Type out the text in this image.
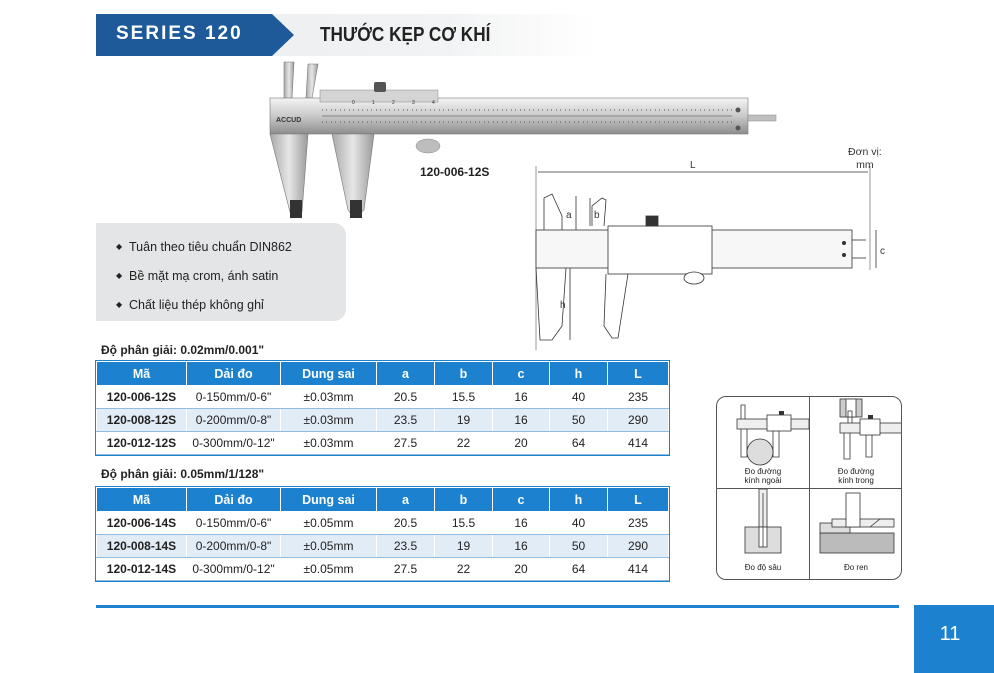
SERIES 120	THƯỚC KẸP CƠ KHÍ
0	1	2	3	4
ACCUD
120-006-12S
◆ Tuân theo tiêu chuẩn DIN862
◆ Bề mặt mạ crom, ánh satin
◆ Chất liệu thép không ghỉ
Đơn vị:
mm
L
a b
c
h
Độ phân giải: 0.02mm/0.001"
Mã	Dải đo	Dung sai	a	b	c	h	L
120-006-12S	0-150mm/0-6"	±0.03mm	20.5	15.5	16	40	235
120-008-12S	0-200mm/0-8"	±0.03mm	23.5	19	16	50	290
120-012-12S	0-300mm/0-12"	±0.03mm	27.5	22	20	64	414
Độ phân giải: 0.05mm/1/128"
Mã	Dải đo	Dung sai	a	b	c	h	L
120-006-14S	0-150mm/0-6"	±0.05mm	20.5	15.5	16	40	235
120-008-14S	0-200mm/0-8"	±0.05mm	23.5	19	16	50	290
120-012-14S	0-300mm/0-12"	±0.05mm	27.5	22	20	64	414
Đo đường
kính ngoài
Đo đường
kính trong
Đo độ sâu	Đo ren
11
